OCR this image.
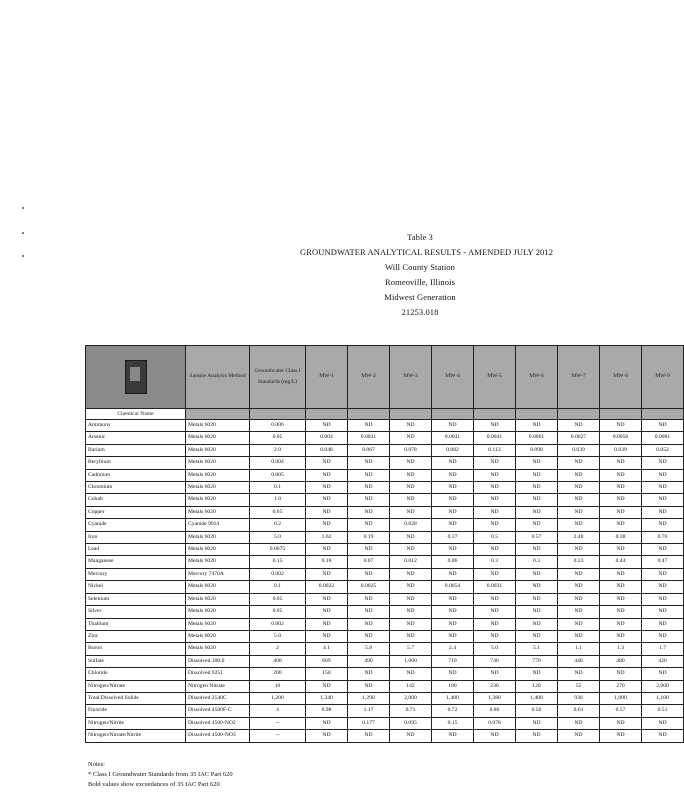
Table 3
GROUNDWATER ANALYTICAL RESULTS - AMENDED JULY 2012
Will County Station
Romeoville, Illinois
Midwest Generation
21253.018
	Sample Analysis Method	Groundwater Class I Standards (mg/L)	MW-1	MW-2	MW-3	MW-4	MW-5	MW-6	MW-7	MW-8	MW-9
Chemical Name											
Antimony	Metals 6020	0.006	ND	ND	ND	ND	ND	ND	ND	ND	ND
Arsenic	Metals 6020	0.05	0.004	0.0031	ND	0.0041	0.0041	0.0061	0.0027	0.0056	0.0081
Barium	Metals 6020	2.0	0.048	0.067	0.078	0.082	0.113	0.090	0.039	0.039	0.052
Beryllium	Metals 6020	0.004	ND	ND	ND	ND	ND	ND	ND	ND	ND
Cadmium	Metals 6020	0.005	ND	ND	ND	ND	ND	ND	ND	ND	ND
Chromium	Metals 6020	0.1	ND	ND	ND	ND	ND	ND	ND	ND	ND
Cobalt	Metals 6020	1.0	ND	ND	ND	ND	ND	ND	ND	ND	ND
Copper	Metals 6020	0.65	ND	ND	ND	ND	ND	ND	ND	ND	ND
Cyanide	Cyanide 9014	0.2	ND	ND	0.028	ND	ND	ND	ND	ND	ND
Iron	Metals 6020	5.0	1.62	0.19	ND	0.37	0.5	0.57	2.48	0.38	0.76
Lead	Metals 6020	0.0075	ND	ND	ND	ND	ND	ND	ND	ND	ND
Manganese	Metals 6020	0.15	0.18	0.07	0.012	0.06	0.3	0.3	0.23	0.44	0.47
Mercury	Mercury 7470A	0.002	ND	ND	ND	ND	ND	ND	ND	ND	ND
Nickel	Metals 6020	0.1	0.0022	0.0025	ND	0.0054	0.0031	ND	ND	ND	ND
Selenium	Metals 6020	0.05	ND	ND	ND	ND	ND	ND	ND	ND	ND
Silver	Metals 6020	0.05	ND	ND	ND	ND	ND	ND	ND	ND	ND
Thallium	Metals 6020	0.002	ND	ND	ND	ND	ND	ND	ND	ND	ND
Zinc	Metals 6020	5.0	ND	ND	ND	ND	ND	ND	ND	ND	ND
Boron	Metals 6020	2	4.1	5.8	5.7	2.4	5.0	5.1	1.1	1.3	1.7
Sulfate	Dissolved 300.0	400	669	490	1,000	710	740	770	440	480	420
Chloride	Dissolved 9251	200	150	ND	ND	ND	ND	ND	ND	ND	ND
Nitrogen/Nitrate	Nitrogen Nitrate	10	ND	ND	142	180	230	120	55	270	2,000
Total Dissolved Solids	Dissolved 2540C	1,200	1,340	1,290	2,000	1,400	1,380	1,400	930	1,000	1,100
Fluoride	Dissolved 4500F-C	4	0.98	1.17	0.71	0.72	0.86	0.56	0.61	0.57	0.51
Nitrogen/Nitrite	Dissolved 4500-NO2	--	ND	0.177	0.095	0.15	0.078	ND	ND	ND	ND
Nitrogen/Nitrate/Nitrite	Dissolved 4500-NO3	--	ND	ND	ND	ND	ND	ND	ND	ND	ND
Notes:
* Class I Groundwater Standards from 35 IAC Part 620
Bold values show exceedances of 35 IAC Part 620
